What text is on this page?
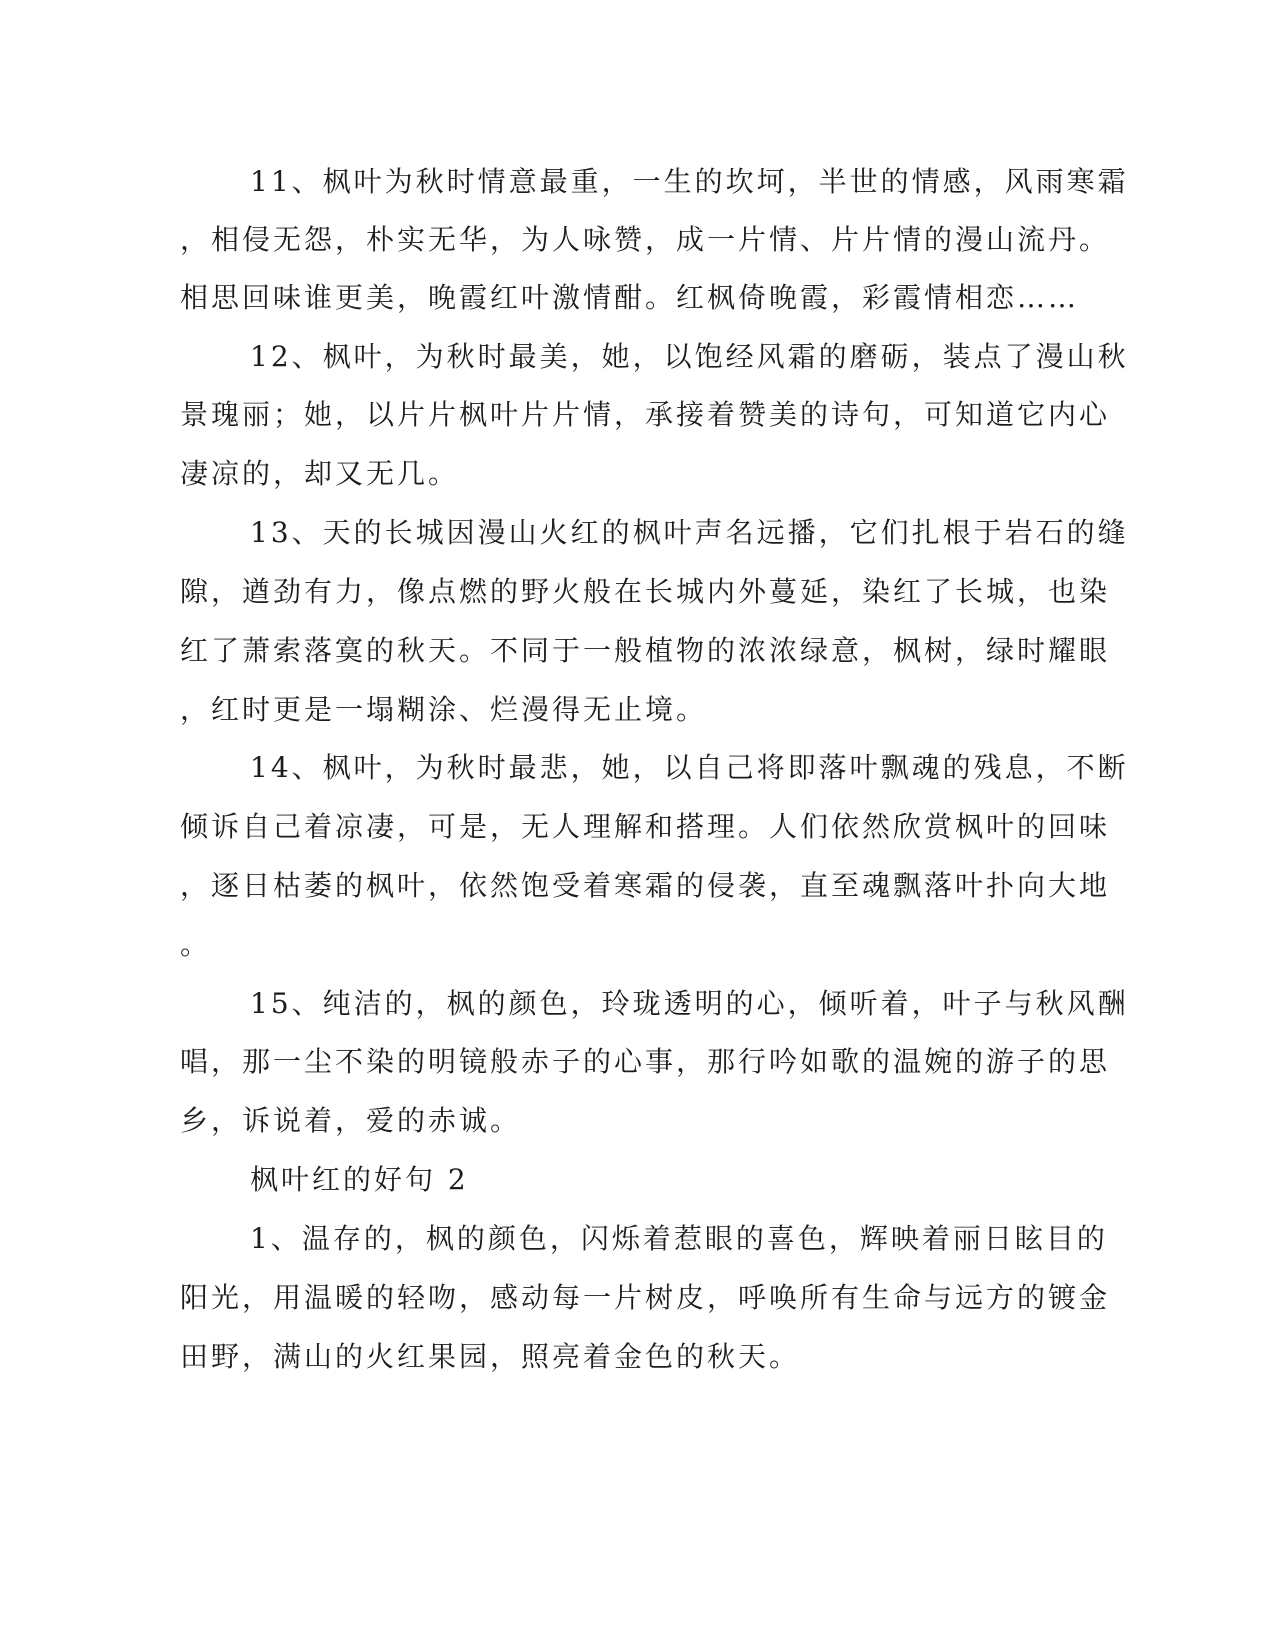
11、枫叶为秋时情意最重，一生的坎坷，半世的情感，风雨寒霜
，相侵无怨，朴实无华，为人咏赞，成一片情、片片情的漫山流丹。
相思回味谁更美，晚霞红叶激情酣。红枫倚晚霞，彩霞情相恋……
12、枫叶，为秋时最美，她，以饱经风霜的磨砺，装点了漫山秋
景瑰丽；她，以片片枫叶片片情，承接着赞美的诗句，可知道它内心
凄凉的，却又无几。
13、天的长城因漫山火红的枫叶声名远播，它们扎根于岩石的缝
隙，遒劲有力，像点燃的野火般在长城内外蔓延，染红了长城，也染
红了萧索落寞的秋天。不同于一般植物的浓浓绿意，枫树，绿时耀眼
，红时更是一塌糊涂、烂漫得无止境。
14、枫叶，为秋时最悲，她，以自己将即落叶飘魂的残息，不断
倾诉自己着凉凄，可是，无人理解和搭理。人们依然欣赏枫叶的回味
，逐日枯萎的枫叶，依然饱受着寒霜的侵袭，直至魂飘落叶扑向大地
。
15、纯洁的，枫的颜色，玲珑透明的心，倾听着，叶子与秋风酬
唱，那一尘不染的明镜般赤子的心事，那行吟如歌的温婉的游子的思
乡，诉说着，爱的赤诚。
枫叶红的好句 2
1、温存的，枫的颜色，闪烁着惹眼的喜色，辉映着丽日眩目的
阳光，用温暖的轻吻，感动每一片树皮，呼唤所有生命与远方的镀金
田野，满山的火红果园，照亮着金色的秋天。
